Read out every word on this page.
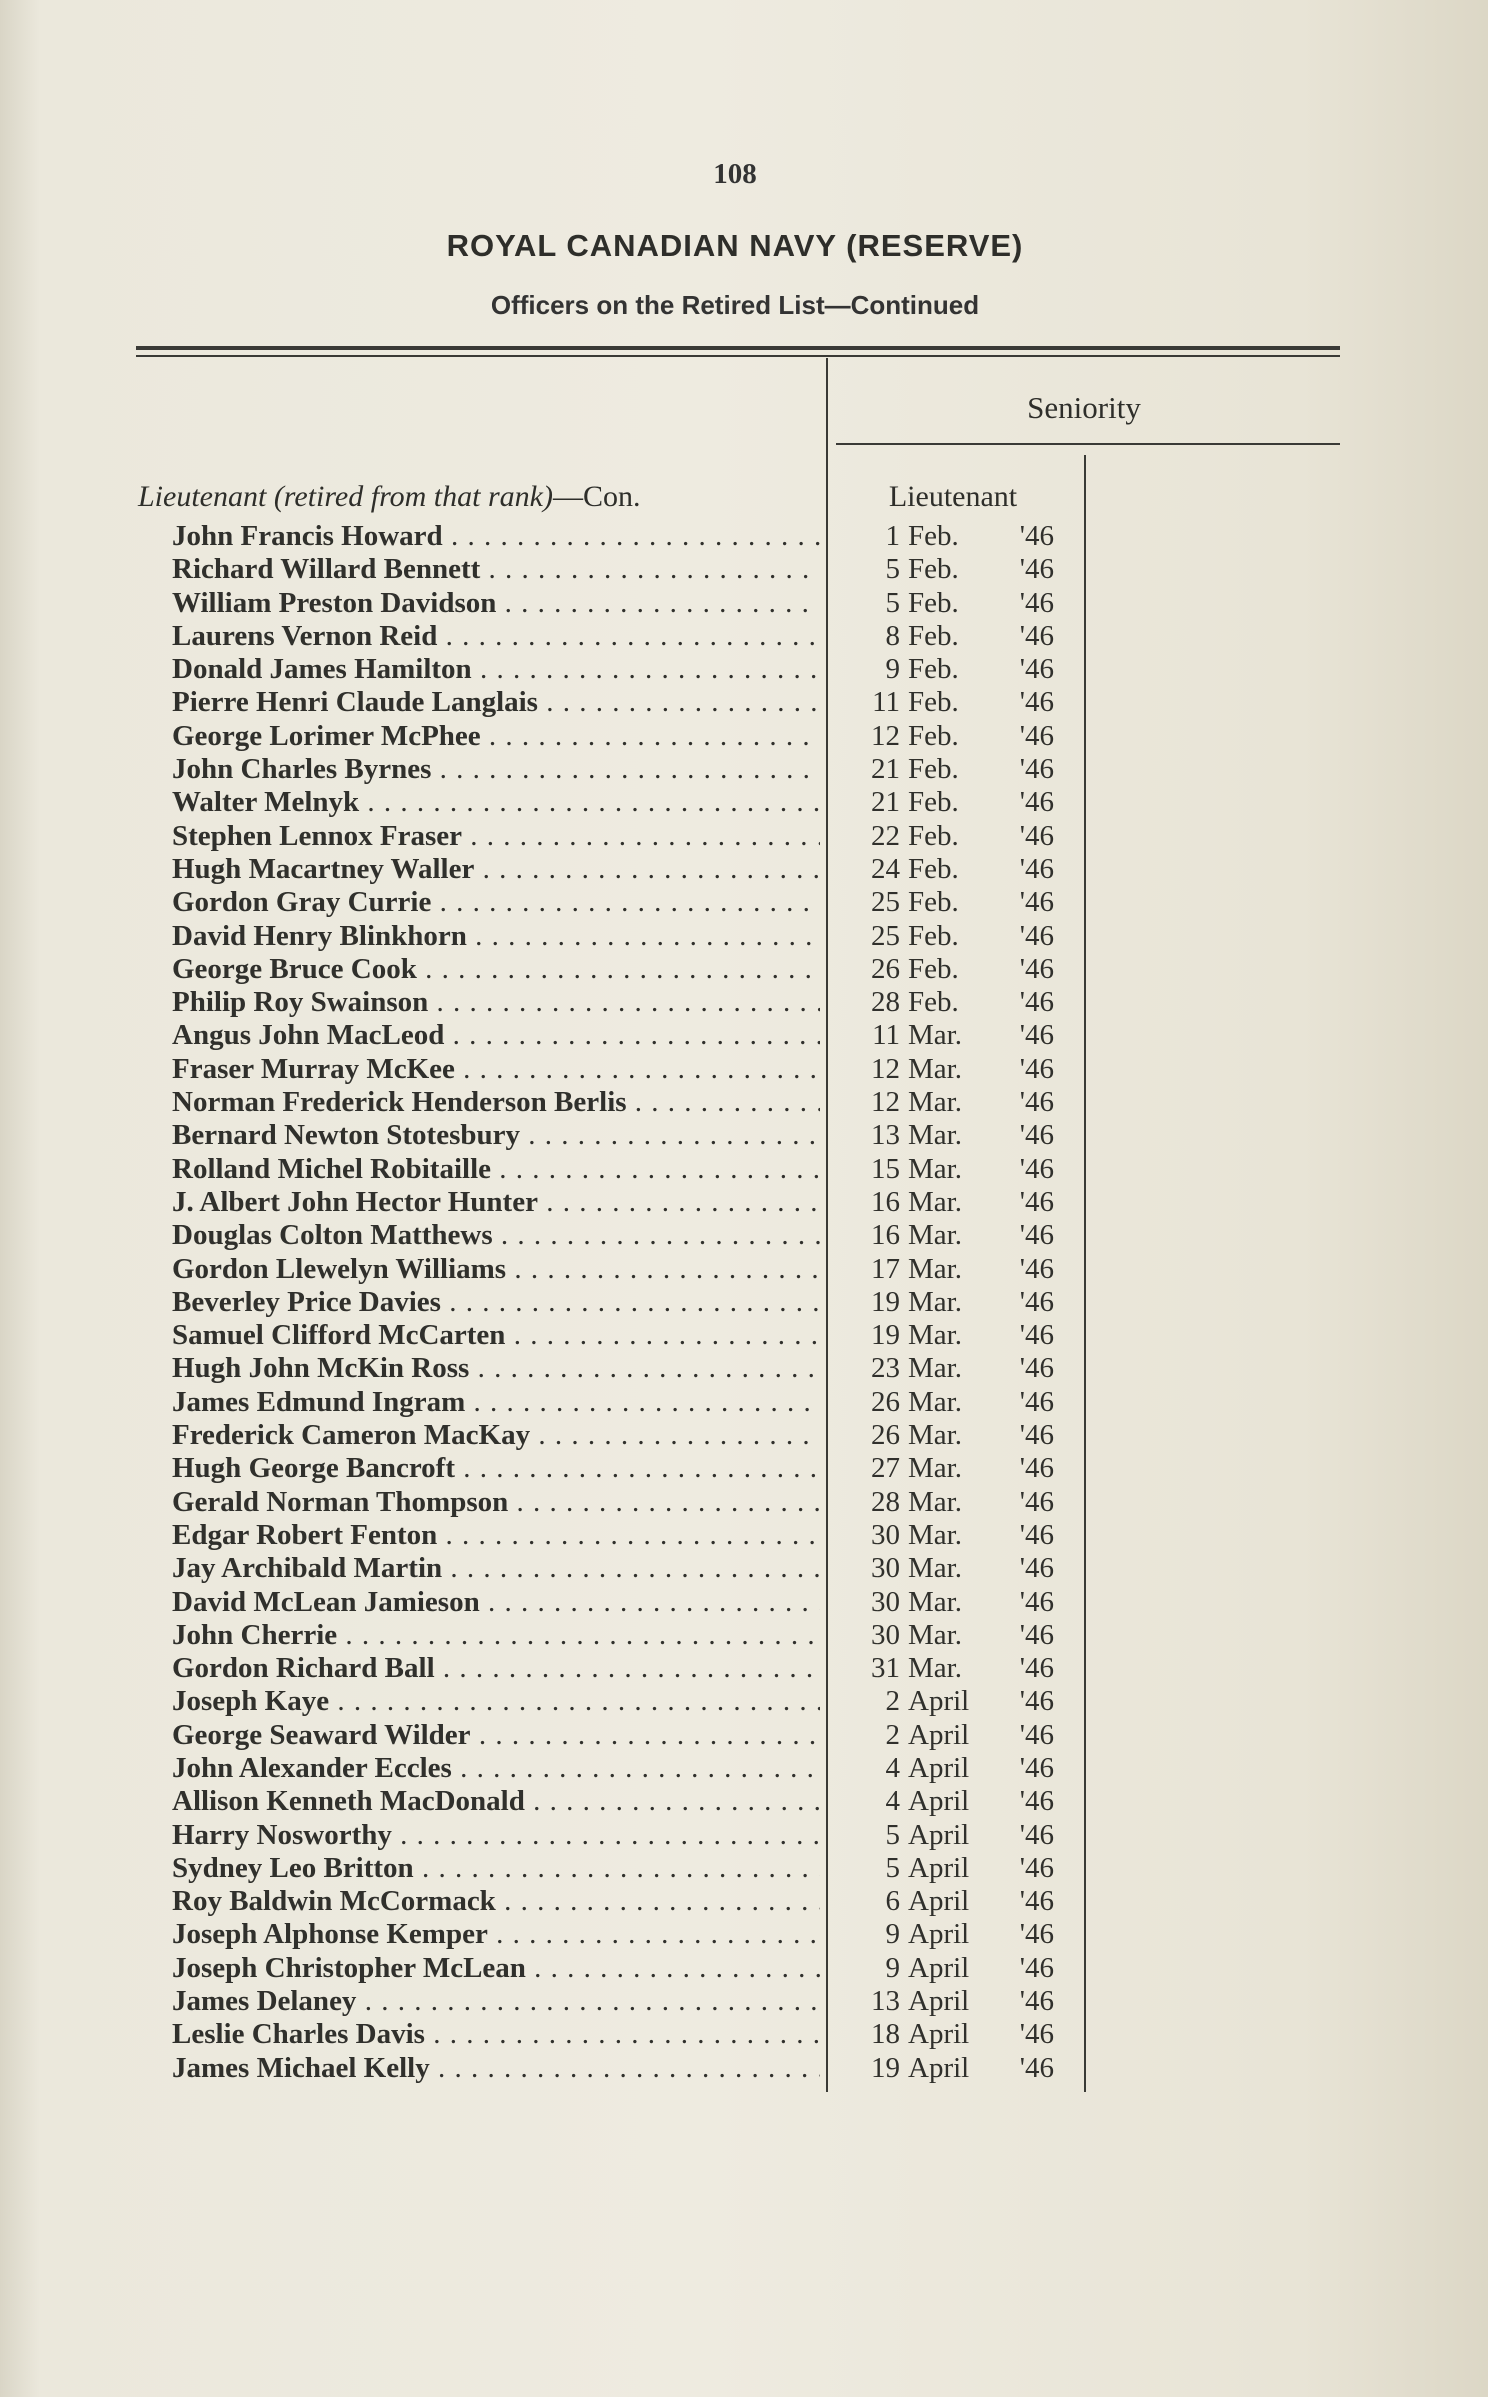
108
ROYAL CANADIAN NAVY (RESERVE)
Officers on the Retired List—Continued
Seniority
Lieutenant (retired from that rank)—Con.	Lieutenant
John Francis Howard . . .	1 Feb. '46
Richard Willard Bennett . . .	5 Feb. '46
William Preston Davidson . . .	5 Feb. '46
Laurens Vernon Reid . . .	8 Feb. '46
Donald James Hamilton . . .	9 Feb. '46
Pierre Henri Claude Langlais . . .	11 Feb. '46
George Lorimer McPhee . . .	12 Feb. '46
John Charles Byrnes . . .	21 Feb. '46
Walter Melnyk . . .	21 Feb. '46
Stephen Lennox Fraser . . .	22 Feb. '46
Hugh Macartney Waller . . .	24 Feb. '46
Gordon Gray Currie . . .	25 Feb. '46
David Henry Blinkhorn . . .	25 Feb. '46
George Bruce Cook . . .	26 Feb. '46
Philip Roy Swainson . . .	28 Feb. '46
Angus John MacLeod . . .	11 Mar. '46
Fraser Murray McKee . . .	12 Mar. '46
Norman Frederick Henderson Berlis . . .	12 Mar. '46
Bernard Newton Stotesbury . . .	13 Mar. '46
Rolland Michel Robitaille . . .	15 Mar. '46
J. Albert John Hector Hunter . . .	16 Mar. '46
Douglas Colton Matthews . . .	16 Mar. '46
Gordon Llewelyn Williams . . .	17 Mar. '46
Beverley Price Davies . . .	19 Mar. '46
Samuel Clifford McCarten . . .	19 Mar. '46
Hugh John McKin Ross . . .	23 Mar. '46
James Edmund Ingram . . .	26 Mar. '46
Frederick Cameron MacKay . . .	26 Mar. '46
Hugh George Bancroft . . .	27 Mar. '46
Gerald Norman Thompson . . .	28 Mar. '46
Edgar Robert Fenton . . .	30 Mar. '46
Jay Archibald Martin . . .	30 Mar. '46
David McLean Jamieson . . .	30 Mar. '46
John Cherrie . . .	30 Mar. '46
Gordon Richard Ball . . .	31 Mar. '46
Joseph Kaye . . .	2 April '46
George Seaward Wilder . . .	2 April '46
John Alexander Eccles . . .	4 April '46
Allison Kenneth MacDonald . . .	4 April '46
Harry Nosworthy . . .	5 April '46
Sydney Leo Britton . . .	5 April '46
Roy Baldwin McCormack . . .	6 April '46
Joseph Alphonse Kemper . . .	9 April '46
Joseph Christopher McLean . . .	9 April '46
James Delaney . . .	13 April '46
Leslie Charles Davis . . .	18 April '46
James Michael Kelly . . .	19 April '46
